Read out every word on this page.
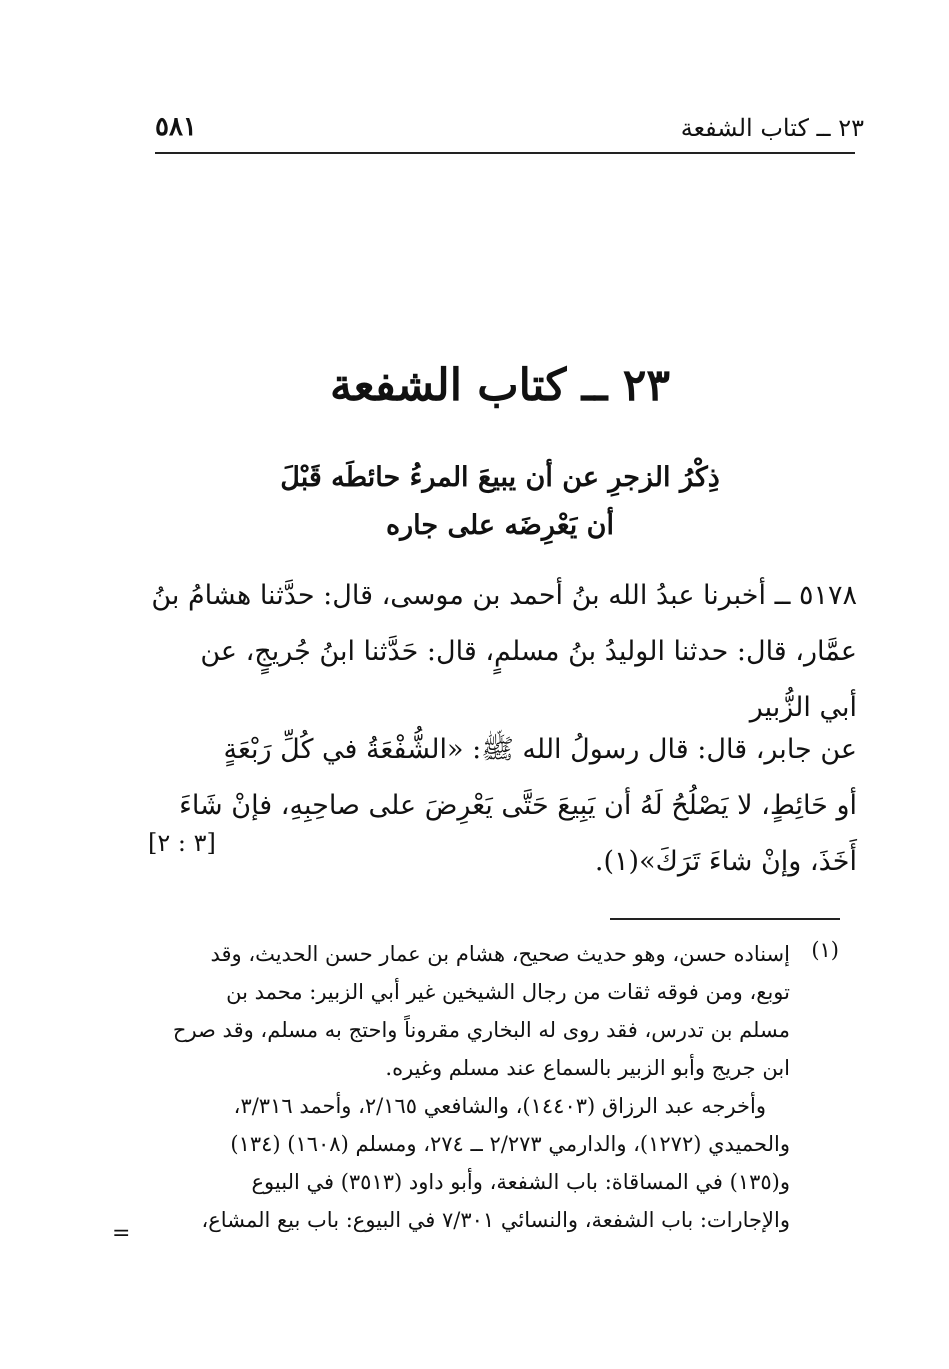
٥٨١	٢٣ ــ كتاب الشفعة
٢٣ ــ كتاب الشفعة
ذِكْرُ الزجرِ عن أن يبيعَ المرءُ حائطَه قَبْلَ
أن يَعْرِضَه على جاره

٥١٧٨ ــ أخبرنا عبدُ الله بنُ أحمد بن موسى، قال: حدَّثنا هشامُ بنُ

عمَّار، قال: حدثنا الوليدُ بنُ مسلمٍ، قال: حَدَّثنا ابنُ جُريجٍ، عن

أبي الزُّبير

عن جابر، قال: قال رسولُ الله ﷺ: «الشُّفْعَةُ في كُلِّ رَبْعَةٍ

أو حَائِطٍ، لا يَصْلُحُ لَهُ أن يَبِيعَ حَتَّى يَعْرِضَ على صاحِبِهِ، فإنْ شَاءَ

أَخَذَ، وإنْ شاءَ تَرَكَ»(١).

[٣ : ٢]
(١)

إسناده حسن، وهو حديث صحيح، هشام بن عمار حسن الحديث، وقد

توبع، ومن فوقه ثقات من رجال الشيخين غير أبي الزبير: محمد بن

مسلم بن تدرس، فقد روى له البخاري مقروناً واحتج به مسلم، وقد صرح

ابن جريج وأبو الزبير بالسماع عند مسلم وغيره.

وأخرجه عبد الرزاق (١٤٤٠٣)، والشافعي ٢/١٦٥، وأحمد ٣/٣١٦،

والحميدي (١٢٧٢)، والدارمي ٢/٢٧٣ ــ ٢٧٤، ومسلم (١٦٠٨) (١٣٤)

و(١٣٥) في المساقاة: باب الشفعة، وأبو داود (٣٥١٣) في البيوع

والإجارات: باب الشفعة، والنسائي ٧/٣٠١ في البيوع: باب بيع المشاع،

=
